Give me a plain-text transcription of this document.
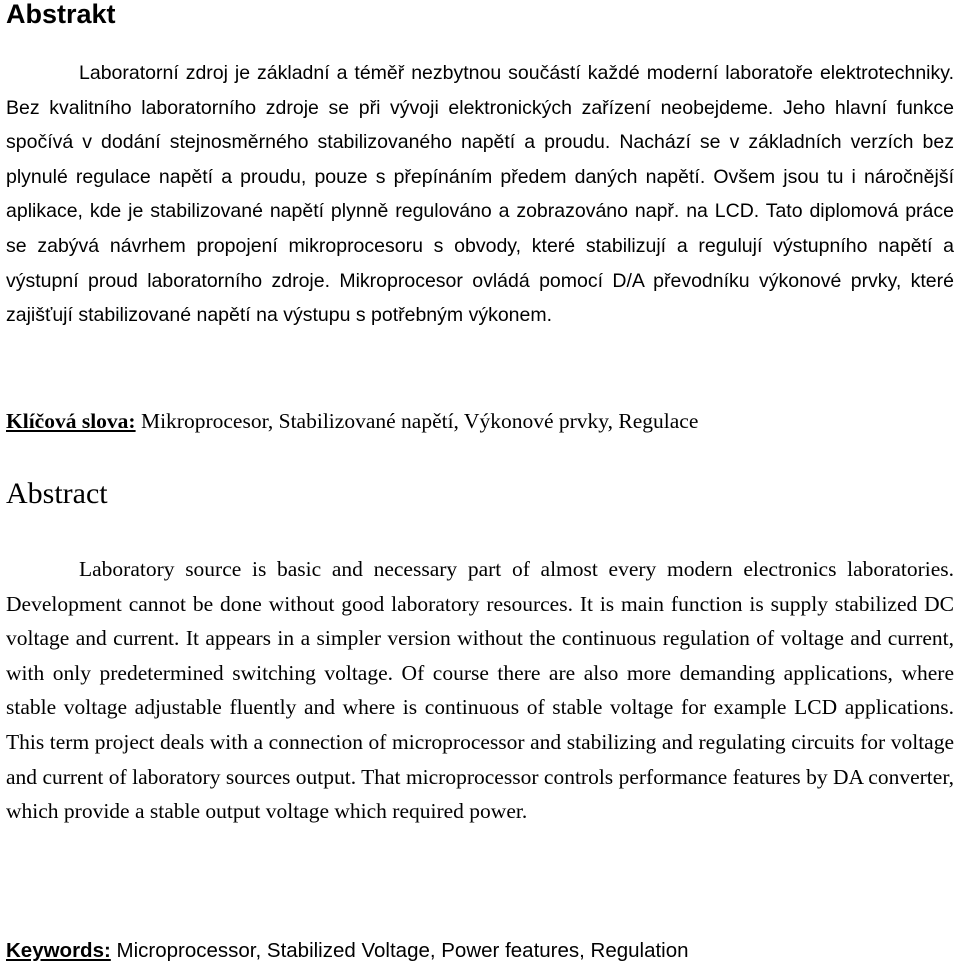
Abstrakt

Laboratorní zdroj je základní a téměř nezbytnou součástí každé moderní laboratoře elektrotechniky. Bez kvalitního laboratorního zdroje se při vývoji elektronických zařízení neobejdeme. Jeho hlavní funkce spočívá v dodání stejnosměrného stabilizovaného napětí a proudu. Nachází se v základních verzích bez plynulé regulace napětí a proudu, pouze s přepínáním předem daných napětí. Ovšem jsou tu i náročnější aplikace, kde je stabilizované napětí plynně regulováno a zobrazováno např. na LCD. Tato diplomová práce se zabývá návrhem propojení mikroprocesoru s obvody, které stabilizují a regulují výstupního napětí a výstupní proud laboratorního zdroje. Mikroprocesor ovládá pomocí D/A převodníku výkonové prvky, které zajišťují stabilizované napětí na výstupu s potřebným výkonem.

Klíčová slova: Mikroprocesor, Stabilizované napětí, Výkonové prvky, Regulace

Abstract

Laboratory source is basic and necessary part of almost every modern electronics laboratories. Development cannot be done without good laboratory resources. It is main function is supply stabilized DC voltage and current. It appears in a simpler version without the continuous regulation of voltage and current, with only predetermined switching voltage. Of course there are also more demanding applications, where stable voltage adjustable fluently and where is continuous of stable voltage for example LCD applications. This term project deals with a connection of microprocessor and stabilizing and regulating circuits for voltage and current of laboratory sources output. That microprocessor controls performance features by DA converter, which provide a stable output voltage which required power.

Keywords: Microprocessor, Stabilized Voltage, Power features, Regulation
